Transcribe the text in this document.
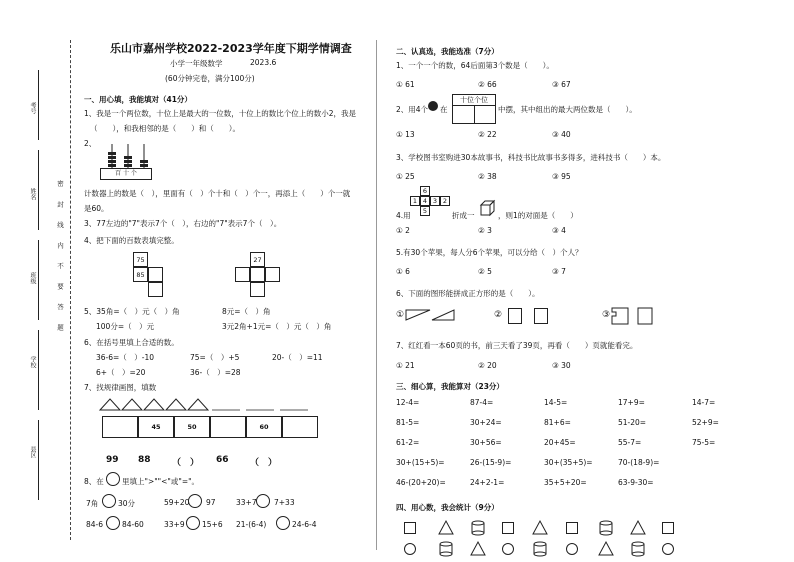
考号
姓名
班级
学校
县区
密 封 线 内 不 要 答 题
乐山市嘉州学校2022-2023学年度下期学情调查
小学一年级数学	2023.6
(60分钟完卷，满分100分)
一、用心填，我能填对（41分）
1、我是一个两位数，十位上是最大的一位数，十位上的数比个位上的数小2，我是
（　　），和我相邻的是（　　）和（　　）。
2、
百 十 个
计数器上的数是（　），里面有（　）个十和（　）个一，再添上（　　）个一就
是60。
3、77左边的"7"表示7个（　），右边的"7"表示7个（　）。
4、把下面的百数表填完整。
75
85
27
5、35角=（　）元（　）角	8元=（　）角
100分=（　）元	3元2角+1元=（　）元（　）角
6、在括号里填上合适的数。
36-6=（　）-10	75=（　）+5	20-（　）=11
6+（　）=20	36-（　）=28
7、找规律画图，填数
45	50	60
99 88 （　） 66 （　）
8、在 里填上">""<"或"="。
7角	30分	59+20 97	33+7 7+33
84-6	84-60	33+9 15+6 21-(6-4)	24-6-4
二、认真选，我能选准（7分）
1、一个一个的数，64后面第3个数是（　　）。
① 61	② 66	③ 67
2、用4个 在
十位个位
中摆，其中组出的最大两位数是（　　）。
① 13	② 22	③ 40
3、学校图书室购进30本故事书，科技书比故事书多得多，进科技书（　　）本。
① 25	② 38	③ 95
6
1 4 3 2
5
4.用	折成一	，则1的对面是（　　）
① 2	② 3	③ 4
5.有30个苹果，每人分6个苹果，可以分给（　）个人？
① 6	② 5	③ 7
6、下面的图形能拼成正方形的是（　　）。
①	②	③
7、红红看一本60页的书，前三天看了39页，再看（　　）页就能看完。
① 21	② 20	③ 30
三、细心算，我能算对（23分）
12-4=	87-4=	14-5=	17+9=	14-7=
81-5=	30+24=	81+6=	51-20=	52+9=
61-2=	30+56=	20+45=	55-7=	75-5=
30+(15+5)=	26-(15-9)=	30+(35+5)=	70-(18-9)=
46-(20+20)=	24+2-1=	35+5+20=	63-9-30=
四、用心数，我会统计（9分）
